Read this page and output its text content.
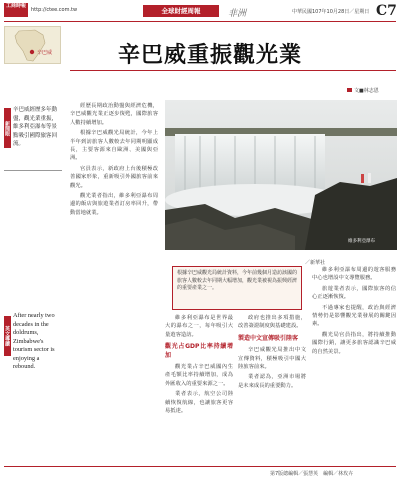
工商時報
http://ctee.com.tw	全球財經周報	非洲	中華民國107年10月28日／星期日 C7
辛巴威
新聞眼
辛巴威經歷多年動盪，觀光業重振，維多利亞瀑布等景點吸引國際旅客回流。
英文導讀
After nearly two decades in the doldrums, Zimbabwe's tourism sector is enjoying a rebound.
辛巴威重振觀光業
文■林志恩

經歷長期政治動盪與經濟危機，辛巴威觀光業正逐步復甦，國際旅客人數持續增加。

根據辛巴威觀光局統計，今年上半年到訪旅客人數較去年同期明顯成長，主要客源來自歐洲、美國與亞洲。

官員表示，新政府上台後積極改善國家形象，重新吸引外國旅客前來觀光。

觀光業者指出，維多利亞瀑布周邊的飯店與旅遊業者訂房率回升，帶動當地就業。

維多利亞瀑布
／新華社
根據辛巴威觀光局統計資料，今年前幾個月造訪該國的旅客人數較去年同期大幅增加，觀光業被視為振興經濟的重要產業之一。

維多利亞瀑布是世界最大的瀑布之一，每年吸引大量遊客造訪。

觀光占GDP比率持續增加

觀光業占辛巴威國內生產毛額比率持續增加，成為外匯收入的重要來源之一。

業者表示，航空公司陸續恢復航線，也讓旅客更容易抵達。

政府也推出多項措施，改善簽證制度與基礎建設。

製造中文宣傳吸引陸客

辛巴威觀光局推出中文宣傳資料，積極吸引中國大陸旅客前來。

業者認為，亞洲市場將是未來成長的重要動力。

維多利亞瀑布周邊的遊客服務中心也增設中文導覽服務。

旅遊業者表示，國際旅客的信心正逐漸恢復。

不過專家也提醒，政治與經濟情勢仍是影響觀光業發展的關鍵因素。

觀光局官員指出，將持續推動國際行銷，讓更多旅客認識辛巴威的自然美景。

第7版總編輯／張慧英　編輯／林玫卉
